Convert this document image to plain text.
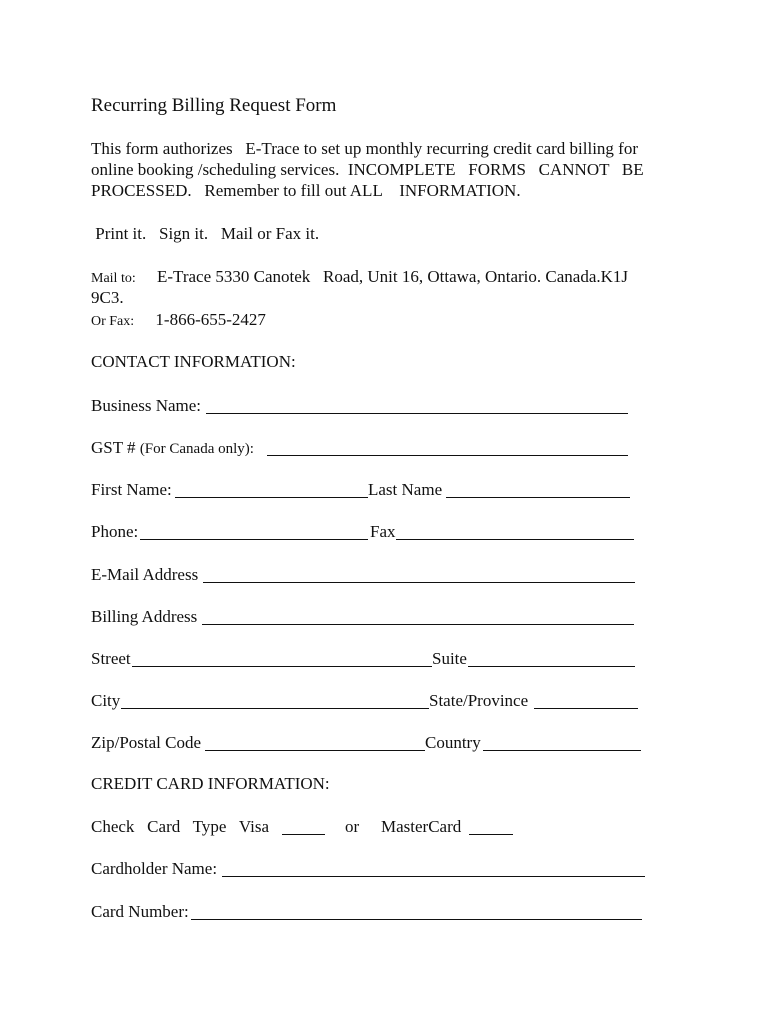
Recurring Billing Request Form
This form authorizes   E-Trace to set up monthly recurring credit card billing for
online booking /scheduling services.  INCOMPLETE   FORMS   CANNOT   BE
PROCESSED.   Remember to fill out ALL    INFORMATION.
Print it.   Sign it.   Mail or Fax it.
Mail to: E-Trace 5330 Canotek   Road, Unit 16, Ottawa, Ontario. Canada.K1J
9C3.
Or Fax: 1-866-655-2427
CONTACT INFORMATION:
Business Name:
GST # (For Canada only):
First Name:	Last Name
Phone:	Fax
E-Mail Address
Billing Address
Street	Suite
City	State/Province
Zip/Postal Code	Country
CREDIT CARD INFORMATION:
Check   Card   Type   Visa	or MasterCard
Cardholder Name:
Card Number:
